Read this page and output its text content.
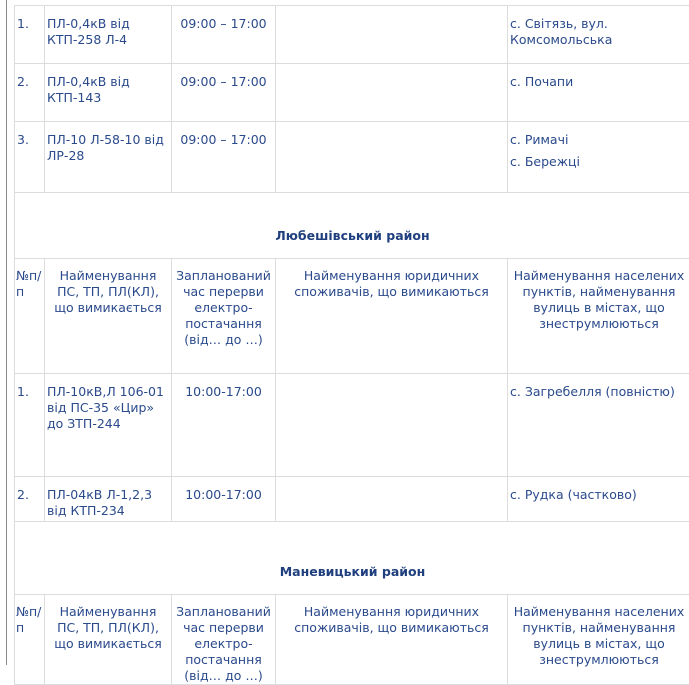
1.	ПЛ-0,4кВ від КТП-258 Л-4	09:00 – 17:00		с. Світязь, вул. Комсомольська
2.	ПЛ-0,4кВ від КТП-143	09:00 – 17:00		с. Почапи
3.	ПЛ-10 Л-58-10 від ЛР-28	09:00 – 17:00		с. Римачі
с. Бережці

Любешівський район				
№п/п	Найменування ПС, ТП, ПЛ(КЛ), що вимикається	Запланований час перерви електро-постачання (від… до …)	Найменування юридичних споживачів, що вимикаються	Найменування населених пунктів, найменування вулиць в містах, що знеструмлюються
1.	ПЛ-10кВ,Л 106-01 від ПС-35 «Цир» до ЗТП-244	10:00-17:00		с. Загребелля (повністю)
2.	ПЛ-04кВ Л-1,2,3 від КТП-234	10:00-17:00		с. Рудка (частково)
Маневицький район				
№п/п	Найменування ПС, ТП, ПЛ(КЛ), що вимикається	Запланований час перерви електро-постачання (від… до …)	Найменування юридичних споживачів, що вимикаються	Найменування населених пунктів, найменування вулиць в містах, що знеструмлюються
